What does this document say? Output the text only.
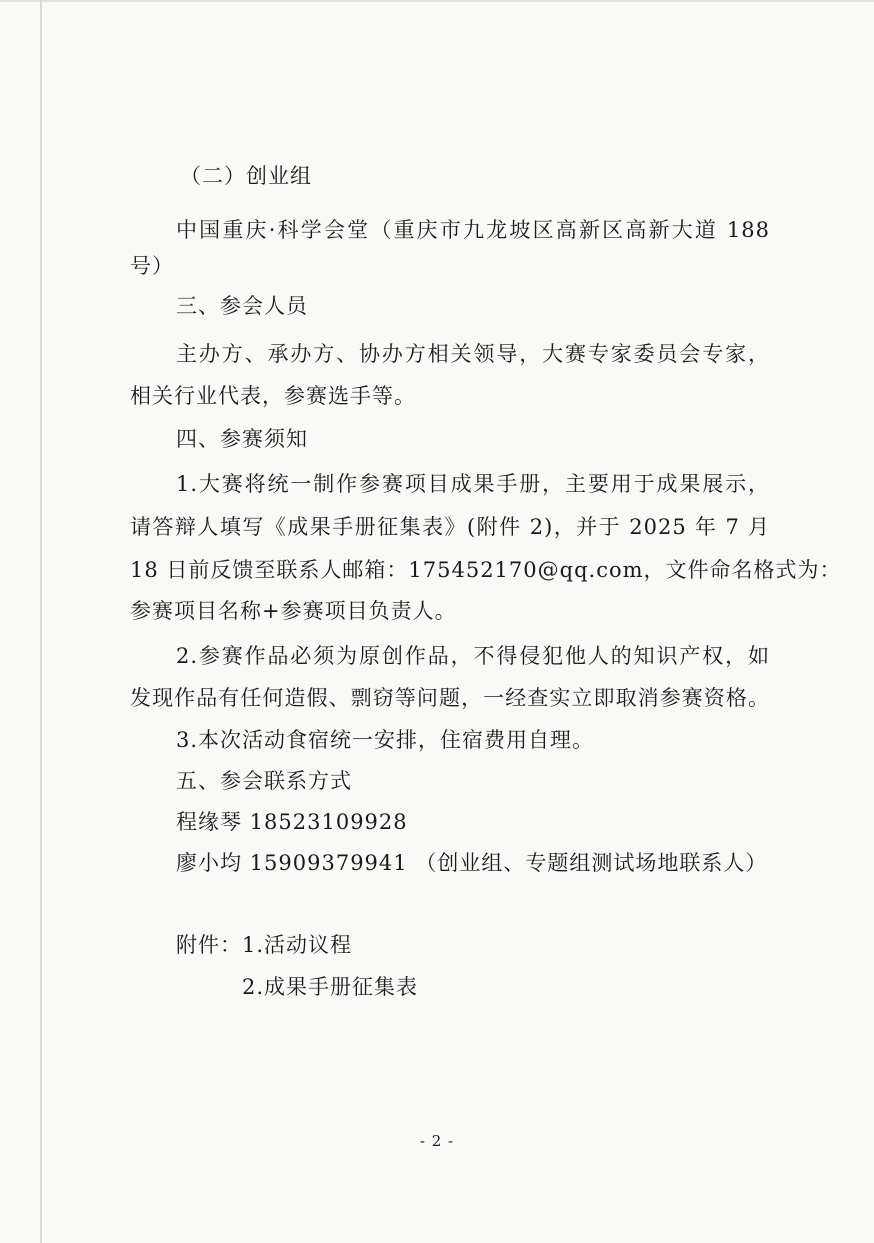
（二）创业组
中国重庆·科学会堂（重庆市九龙坡区高新区高新大道 188
号）
三、参会人员
主办方、承办方、协办方相关领导，大赛专家委员会专家，
相关行业代表，参赛选手等。
四、参赛须知
1.大赛将统一制作参赛项目成果手册，主要用于成果展示，
请答辩人填写《成果手册征集表》(附件 2)，并于 2025 年 7 月
18 日前反馈至联系人邮箱：175452170@qq.com，文件命名格式为：
参赛项目名称+参赛项目负责人。
2.参赛作品必须为原创作品，不得侵犯他人的知识产权，如
发现作品有任何造假、剽窃等问题，一经查实立即取消参赛资格。
3.本次活动食宿统一安排，住宿费用自理。
五、参会联系方式
程缘琴 18523109928
廖小均 15909379941 （创业组、专题组测试场地联系人）
附件：1.活动议程
2.成果手册征集表
- 2 -
